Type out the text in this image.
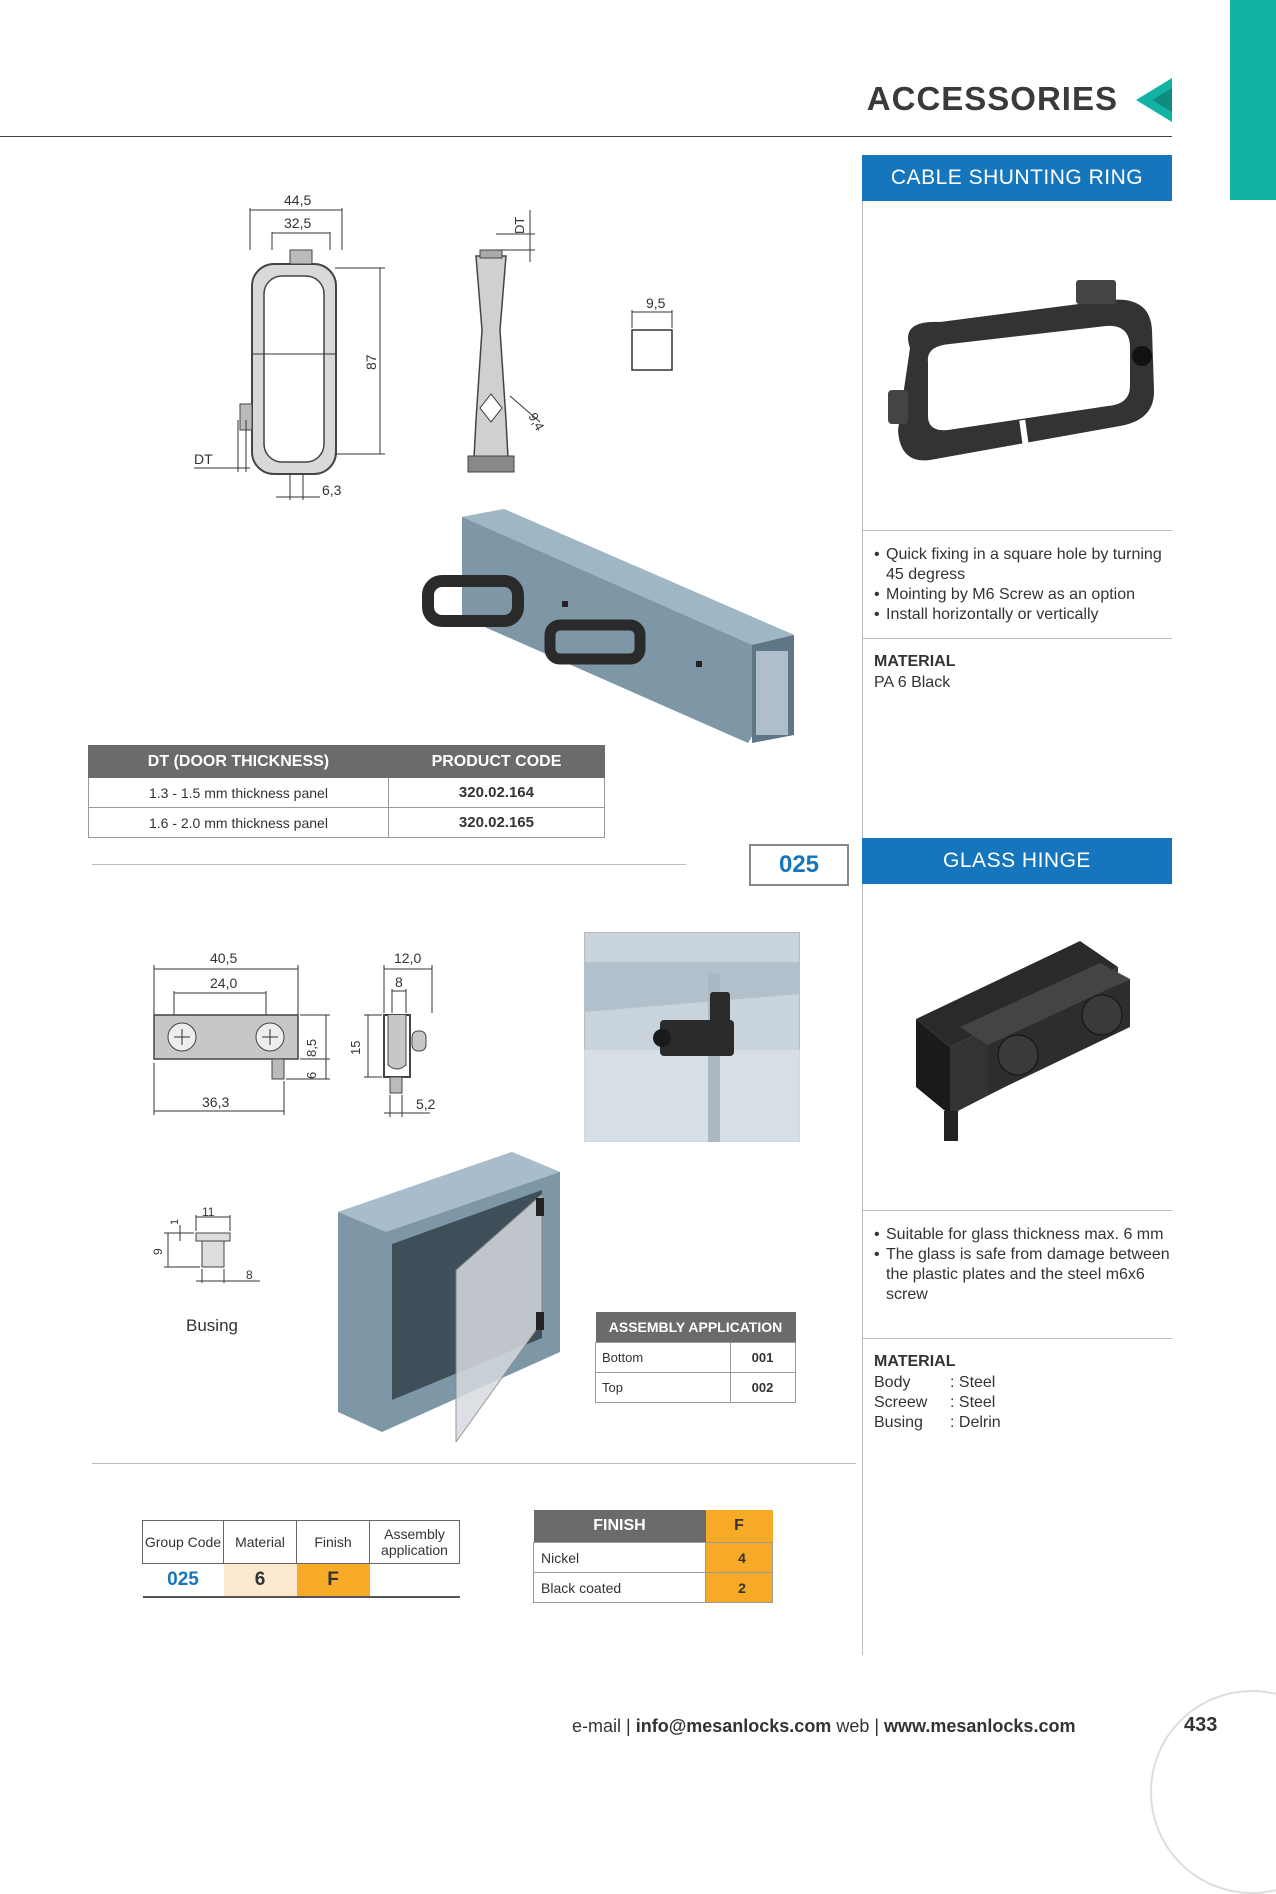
ACCESSORIES
44,5
32,5
87
DT
6,3
DT
9,4
9,5
CABLE SHUNTING RING
• Quick fixing in a square hole by turning 45 degress
• Mointing by M6 Screw as an option
• Install horizontally or vertically
MATERIAL
PA 6 Black
DT (DOOR THICKNESS)	PRODUCT CODE
1.3 - 1.5 mm thickness panel	320.02.164
1.6 - 2.0 mm thickness panel	320.02.165
025	GLASS HINGE
40,5
24,0
36,3
8,5
6
12,0
8
15
5,2
11
1
9
8
Busing
• Suitable for glass thickness max. 6 mm
• The glass is safe from damage between the plastic plates and the steel m6x6 screw
MATERIAL
Body	: Steel
Screew	: Steel
Busing	: Delrin
ASSEMBLY APPLICATION	
Bottom	001
Top	002
Group Code	Material	Finish	Assembly application
025	6	F	
FINISH	F
Nickel	4
Black coated	2
e-mail | info@mesanlocks.com web | www.mesanlocks.com	433
